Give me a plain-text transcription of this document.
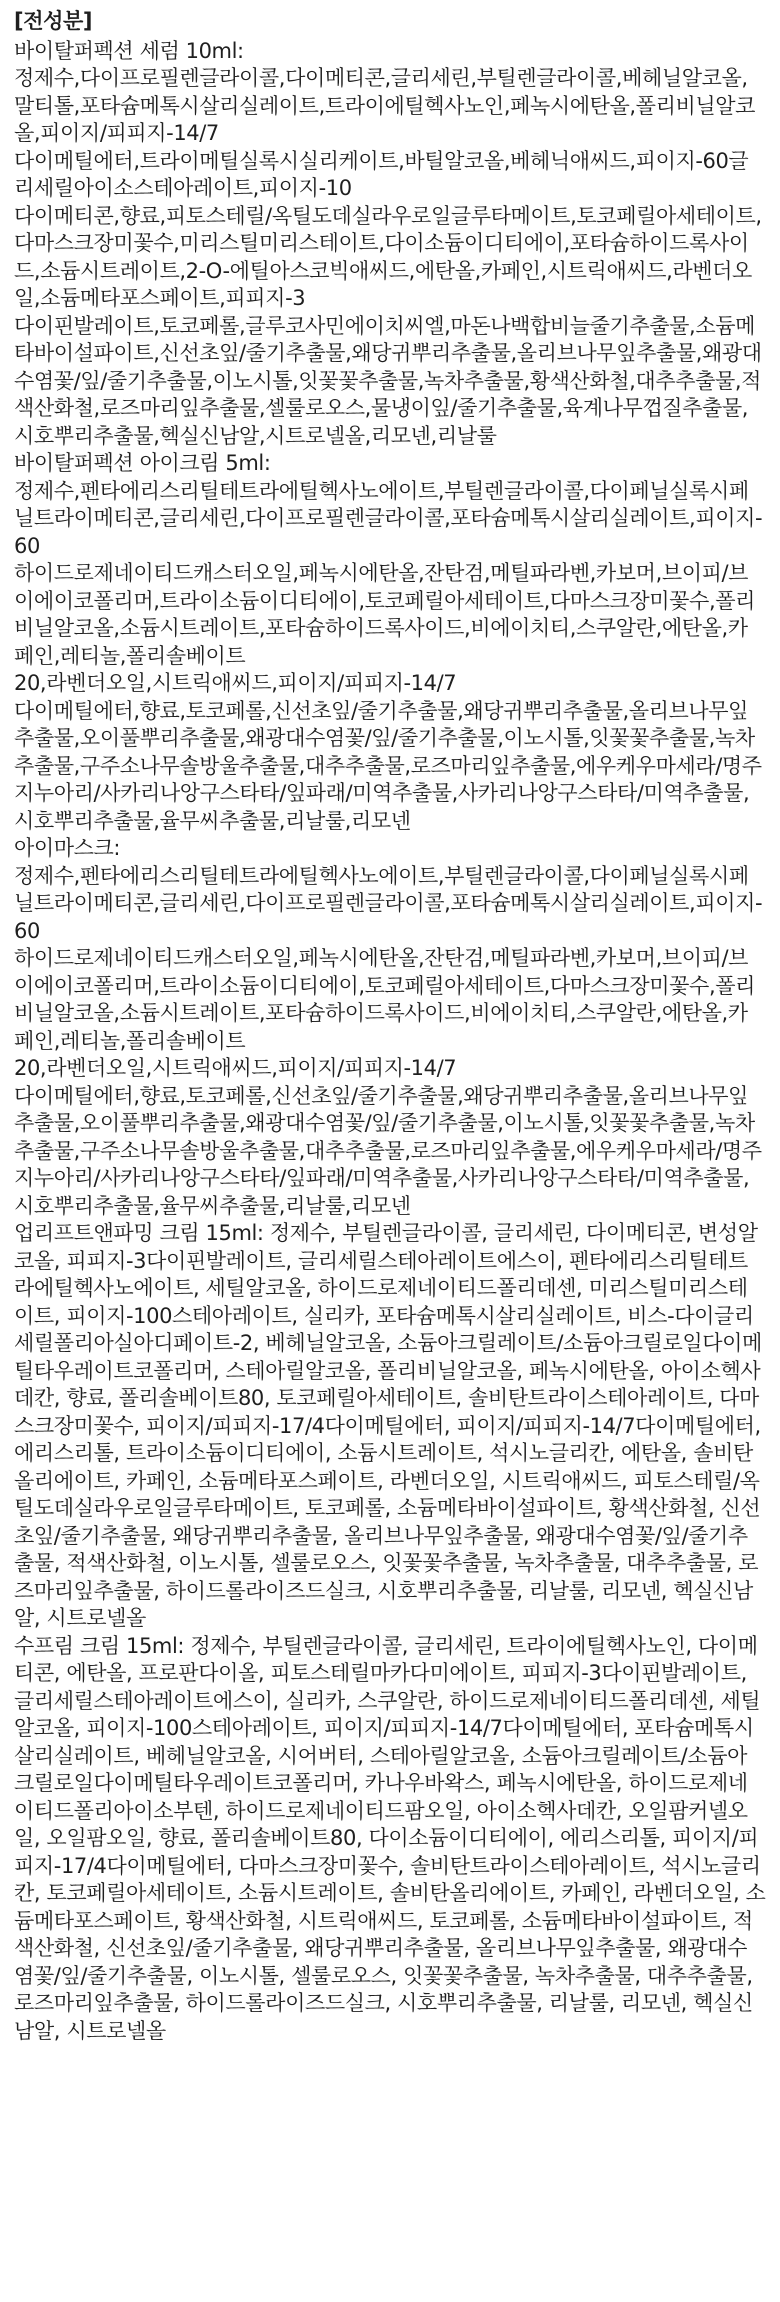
[전성분]

바이탈퍼펙션 세럼 10ml:

정제수,다이프로필렌글라이콜,다이메티콘,글리세린,부틸렌글라이콜,베헤닐알코올,말티톨,포타슘메톡시살리실레이트,트라이에틸헥사노인,페녹시에탄올,폴리비닐알코올,피이지/피피지-14/7

다이메틸에터,트라이메틸실록시실리케이트,바틸알코올,베헤닉애씨드,피이지-60글리세릴아이소스테아레이트,피이지-10

다이메티콘,향료,피토스테릴/옥틸도데실라우로일글루타메이트,토코페릴아세테이트,다마스크장미꽃수,미리스틸미리스테이트,다이소듐이디티에이,포타슘하이드록사이드,소듐시트레이트,2-O-에틸아스코빅애씨드,에탄올,카페인,시트릭애씨드,라벤더오일,소듐메타포스페이트,피피지-3

다이핀발레이트,토코페롤,글루코사민에이치씨엘,마돈나백합비늘줄기추출물,소듐메타바이설파이트,신선초잎/줄기추출물,왜당귀뿌리추출물,올리브나무잎추출물,왜광대수염꽃/잎/줄기추출물,이노시톨,잇꽃꽃추출물,녹차추출물,황색산화철,대추추출물,적색산화철,로즈마리잎추출물,셀룰로오스,물냉이잎/줄기추출물,육계나무껍질추출물,시호뿌리추출물,헥실신남알,시트로넬올,리모넨,리날룰

바이탈퍼펙션 아이크림 5ml:

정제수,펜타에리스리틸테트라에틸헥사노에이트,부틸렌글라이콜,다이페닐실록시페닐트라이메티콘,글리세린,다이프로필렌글라이콜,포타슘메톡시살리실레이트,피이지-60

하이드로제네이티드캐스터오일,페녹시에탄올,잔탄검,메틸파라벤,카보머,브이피/브이에이코폴리머,트라이소듐이디티에이,토코페릴아세테이트,다마스크장미꽃수,폴리비닐알코올,소듐시트레이트,포타슘하이드록사이드,비에이치티,스쿠알란,에탄올,카페인,레티놀,폴리솔베이트

20,라벤더오일,시트릭애씨드,피이지/피피지-14/7

다이메틸에터,향료,토코페롤,신선초잎/줄기추출물,왜당귀뿌리추출물,올리브나무잎추출물,오이풀뿌리추출물,왜광대수염꽃/잎/줄기추출물,이노시톨,잇꽃꽃추출물,녹차추출물,구주소나무솔방울추출물,대추추출물,로즈마리잎추출물,에우케우마세라/명주지누아리/사카리나앙구스타타/잎파래/미역추출물,사카리나앙구스타타/미역추출물,시호뿌리추출물,율무씨추출물,리날룰,리모넨

아이마스크:

정제수,펜타에리스리틸테트라에틸헥사노에이트,부틸렌글라이콜,다이페닐실록시페닐트라이메티콘,글리세린,다이프로필렌글라이콜,포타슘메톡시살리실레이트,피이지-60

하이드로제네이티드캐스터오일,페녹시에탄올,잔탄검,메틸파라벤,카보머,브이피/브이에이코폴리머,트라이소듐이디티에이,토코페릴아세테이트,다마스크장미꽃수,폴리비닐알코올,소듐시트레이트,포타슘하이드록사이드,비에이치티,스쿠알란,에탄올,카페인,레티놀,폴리솔베이트

20,라벤더오일,시트릭애씨드,피이지/피피지-14/7

다이메틸에터,향료,토코페롤,신선초잎/줄기추출물,왜당귀뿌리추출물,올리브나무잎추출물,오이풀뿌리추출물,왜광대수염꽃/잎/줄기추출물,이노시톨,잇꽃꽃추출물,녹차추출물,구주소나무솔방울추출물,대추추출물,로즈마리잎추출물,에우케우마세라/명주지누아리/사카리나앙구스타타/잎파래/미역추출물,사카리나앙구스타타/미역추출물,시호뿌리추출물,율무씨추출물,리날룰,리모넨

업리프트앤파밍 크림 15ml: 정제수, 부틸렌글라이콜, 글리세린, 다이메티콘, 변성알코올, 피피지-3다이핀발레이트, 글리세릴스테아레이트에스이, 펜타에리스리틸테트라에틸헥사노에이트, 세틸알코올, 하이드로제네이티드폴리데센, 미리스틸미리스테이트, 피이지-100스테아레이트, 실리카, 포타슘메톡시살리실레이트, 비스-다이글리세릴폴리아실아디페이트-2, 베헤닐알코올, 소듐아크릴레이트/소듐아크릴로일다이메틸타우레이트코폴리머, 스테아릴알코올, 폴리비닐알코올, 페녹시에탄올, 아이소헥사데칸, 향료, 폴리솔베이트80, 토코페릴아세테이트, 솔비탄트라이스테아레이트, 다마스크장미꽃수, 피이지/피피지-17/4다이메틸에터, 피이지/피피지-14/7다이메틸에터, 에리스리톨, 트라이소듐이디티에이, 소듐시트레이트, 석시노글리칸, 에탄올, 솔비탄올리에이트, 카페인, 소듐메타포스페이트, 라벤더오일, 시트릭애씨드, 피토스테릴/옥틸도데실라우로일글루타메이트, 토코페롤, 소듐메타바이설파이트, 황색산화철, 신선초잎/줄기추출물, 왜당귀뿌리추출물, 올리브나무잎추출물, 왜광대수염꽃/잎/줄기추출물, 적색산화철, 이노시톨, 셀룰로오스, 잇꽃꽃추출물, 녹차추출물, 대추추출물, 로즈마리잎추출물, 하이드롤라이즈드실크, 시호뿌리추출물, 리날룰, 리모넨, 헥실신남알, 시트로넬올

수프림 크림 15ml: 정제수, 부틸렌글라이콜, 글리세린, 트라이에틸헥사노인, 다이메티콘, 에탄올, 프로판다이올, 피토스테릴마카다미에이트, 피피지-3다이핀발레이트, 글리세릴스테아레이트에스이, 실리카, 스쿠알란, 하이드로제네이티드폴리데센, 세틸알코올, 피이지-100스테아레이트, 피이지/피피지-14/7다이메틸에터, 포타슘메톡시살리실레이트, 베헤닐알코올, 시어버터, 스테아릴알코올, 소듐아크릴레이트/소듐아크릴로일다이메틸타우레이트코폴리머, 카나우바왁스, 페녹시에탄올, 하이드로제네이티드폴리아이소부텐, 하이드로제네이티드팜오일, 아이소헥사데칸, 오일팜커넬오일, 오일팜오일, 향료, 폴리솔베이트80, 다이소듐이디티에이, 에리스리톨, 피이지/피피지-17/4다이메틸에터, 다마스크장미꽃수, 솔비탄트라이스테아레이트, 석시노글리칸, 토코페릴아세테이트, 소듐시트레이트, 솔비탄올리에이트, 카페인, 라벤더오일, 소듐메타포스페이트, 황색산화철, 시트릭애씨드, 토코페롤, 소듐메타바이설파이트, 적색산화철, 신선초잎/줄기추출물, 왜당귀뿌리추출물, 올리브나무잎추출물, 왜광대수염꽃/잎/줄기추출물, 이노시톨, 셀룰로오스, 잇꽃꽃추출물, 녹차추출물, 대추추출물, 로즈마리잎추출물, 하이드롤라이즈드실크, 시호뿌리추출물, 리날룰, 리모넨, 헥실신남알, 시트로넬올
